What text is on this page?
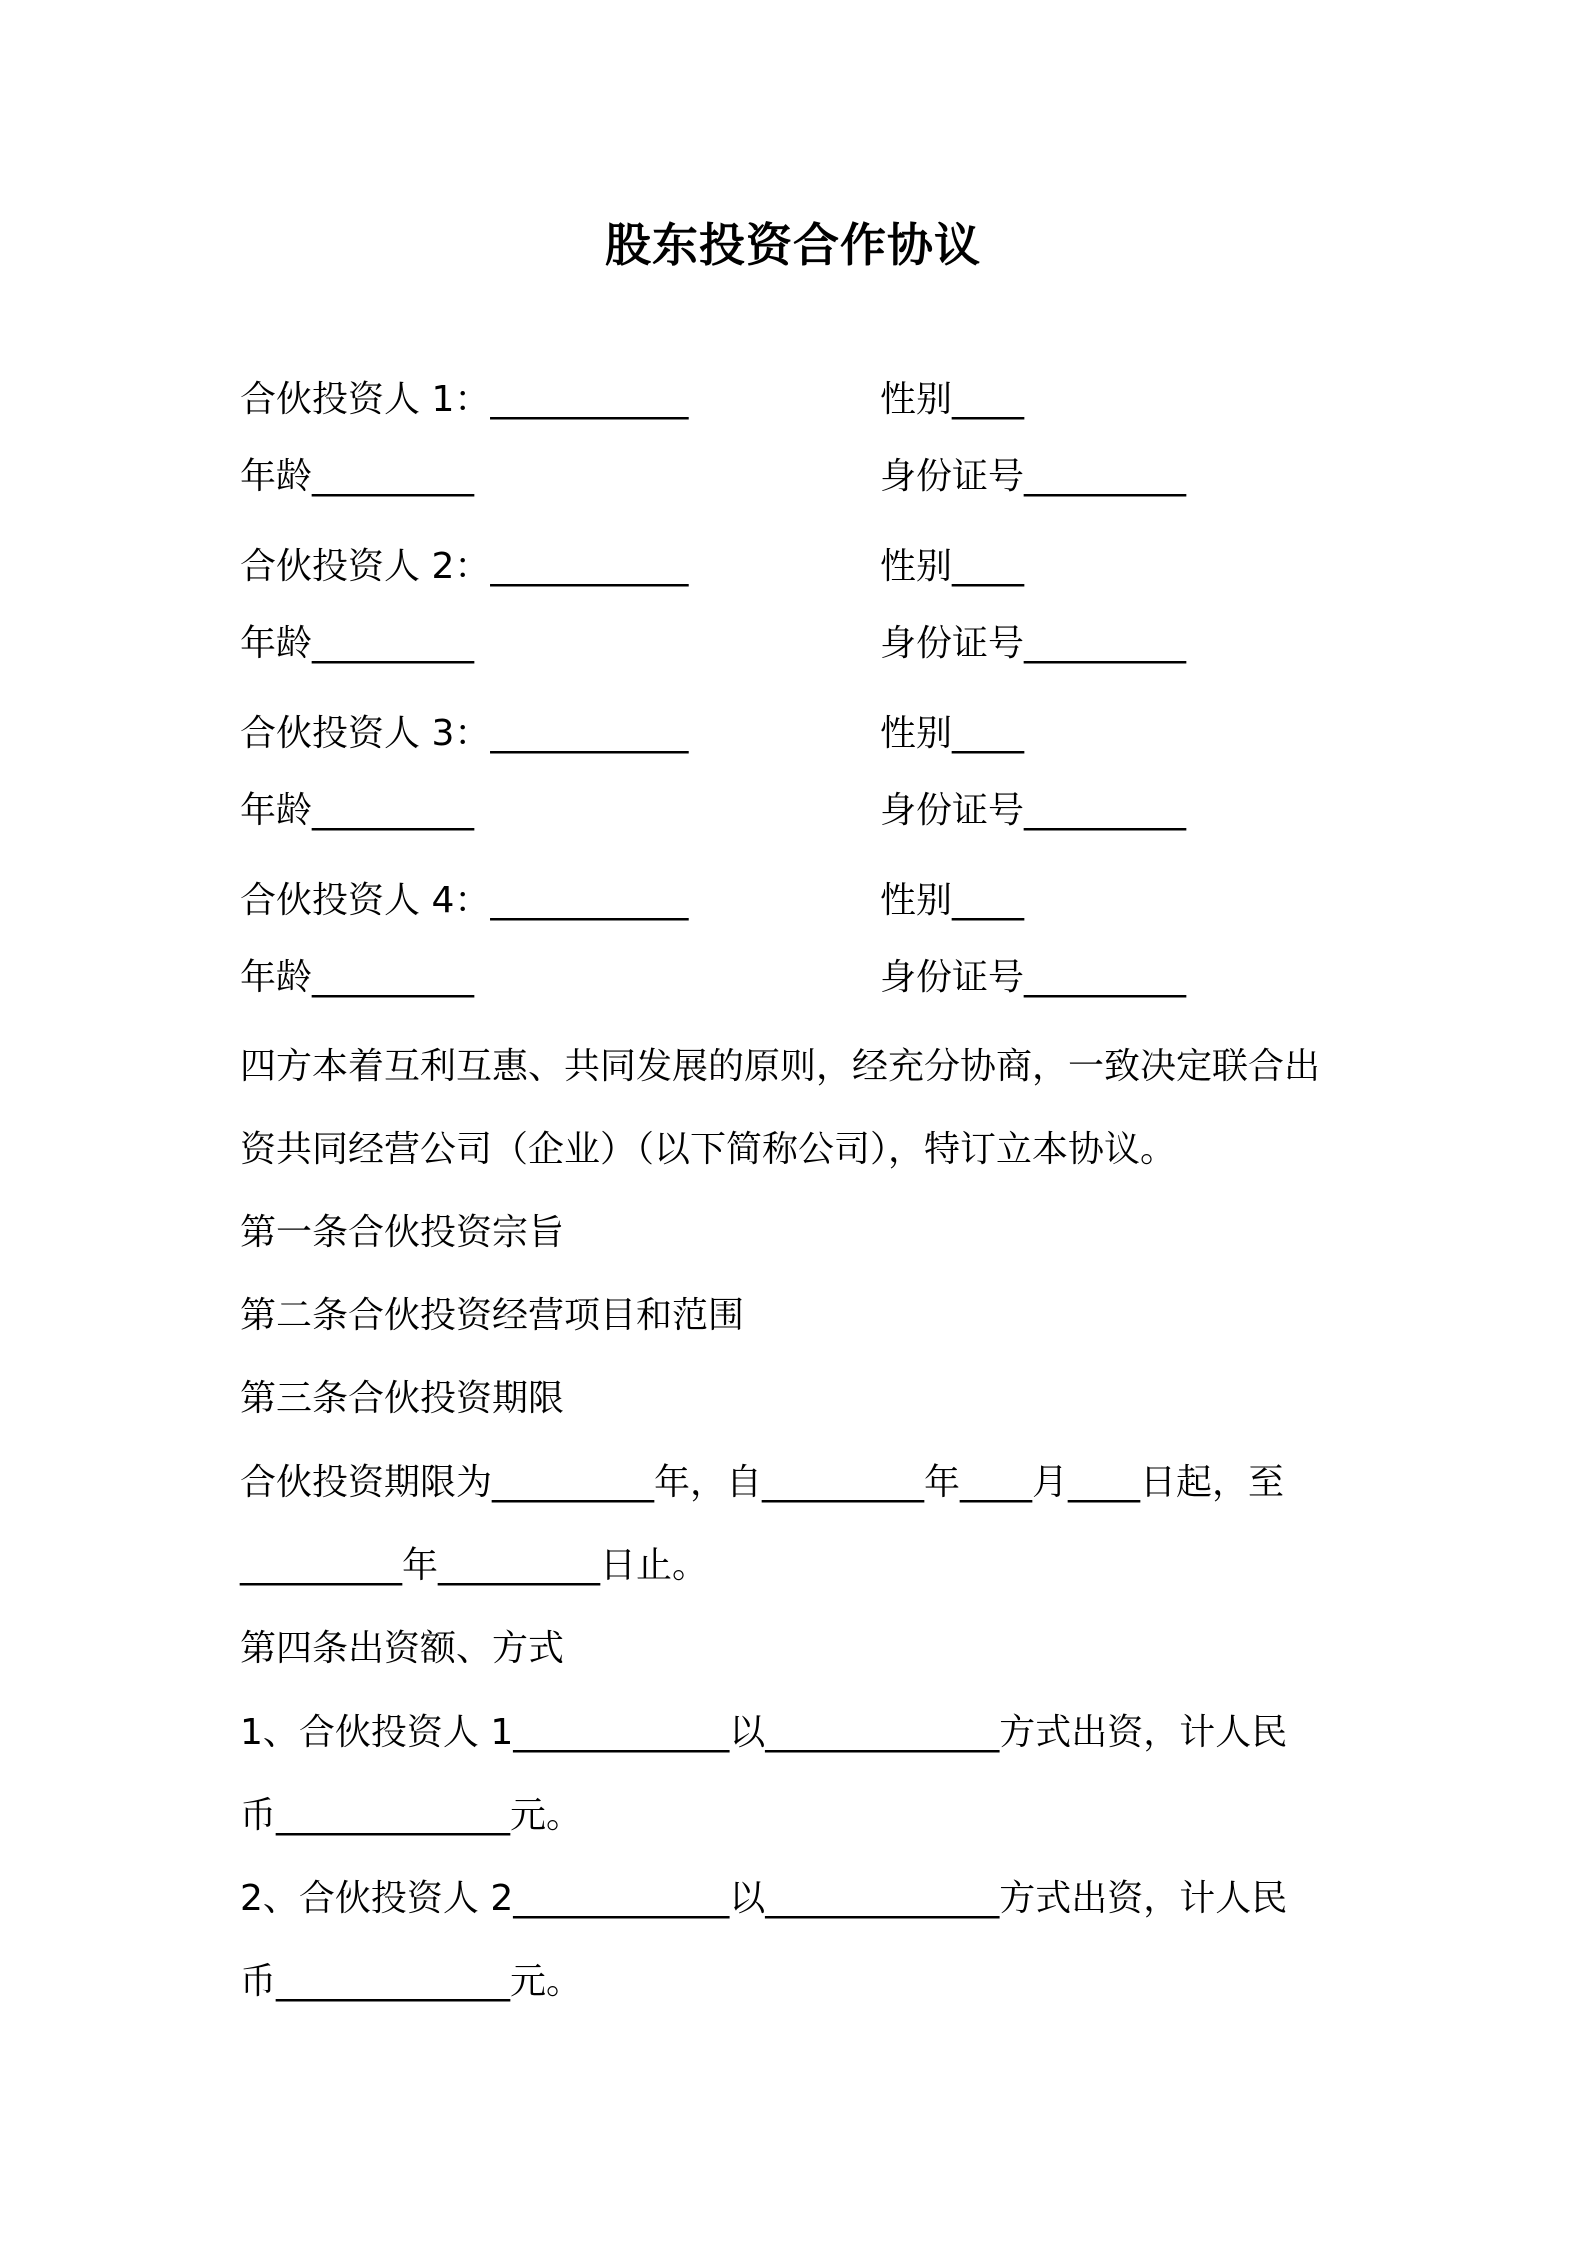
股东投资合作协议
合伙投资人 1：___________	性别____
年龄_________	身份证号_________
合伙投资人 2：___________	性别____
年龄_________	身份证号_________
合伙投资人 3：___________	性别____
年龄_________	身份证号_________
合伙投资人 4：___________	性别____
年龄_________	身份证号_________
四方本着互利互惠、共同发展的原则，经充分协商，一致决定联合出
资共同经营公司（企业）（以下简称公司），特订立本协议。
第一条合伙投资宗旨
第二条合伙投资经营项目和范围
第三条合伙投资期限
合伙投资期限为_________年，自_________年____月____日起，至
_________年_________日止。
第四条出资额、方式
1、合伙投资人 1____________以_____________方式出资，计人民
币_____________元。
2、合伙投资人 2____________以_____________方式出资，计人民
币_____________元。
